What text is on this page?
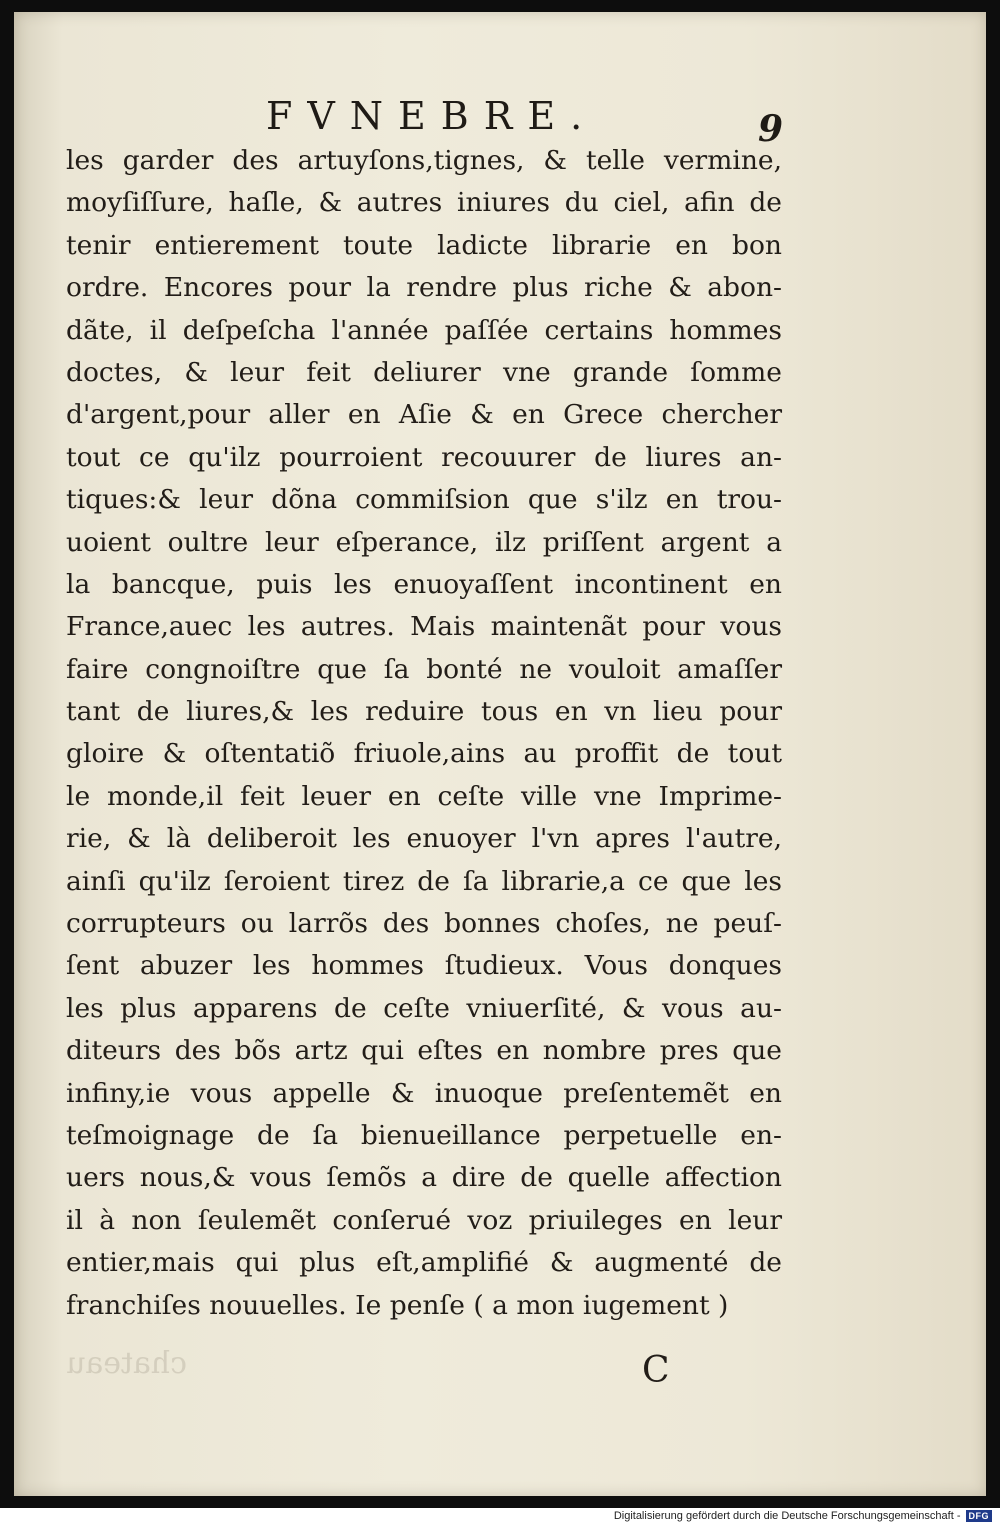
FVNEBRE.	9
les garder des artuyſons,tignes, & telle vermine,
moyſiſſure, haſle, & autres iniures du ciel, afin de
tenir entierement toute ladicte librarie en bon
ordre. Encores pour la rendre plus riche & abon-
dãte, il deſpeſcha l'année paſſée certains hommes
doctes, & leur feit deliurer vne grande ſomme
d'argent,pour aller en Aſie & en Grece chercher
tout ce qu'ilz pourroient recouurer de liures an-
tiques:& leur dõna commiſsion que s'ilz en trou-
uoient oultre leur eſperance, ilz priſſent argent a
la bancque, puis les enuoyaſſent incontinent en
France,auec les autres. Mais maintenãt pour vous
faire congnoiſtre que ſa bonté ne vouloit amaſſer
tant de liures,& les reduire tous en vn lieu pour
gloire & oſtentatiõ friuole,ains au proffit de tout
le monde,il feit leuer en ceſte ville vne Imprime-
rie, & là deliberoit les enuoyer l'vn apres l'autre,
ainſi qu'ilz ſeroient tirez de ſa librarie,a ce que les
corrupteurs ou larrõs des bonnes choſes, ne peuſ-
ſent abuzer les hommes ſtudieux. Vous donques
les plus apparens de ceſte vniuerſité, & vous au-
diteurs des bõs artz qui eſtes en nombre pres que
infiny,ie vous appelle & inuoque preſentemẽt en
teſmoignage de ſa bienueillance perpetuelle en-
uers nous,& vous ſemõs a dire de quelle affection
il à non ſeulemẽt conſerué voz priuileges en leur
entier,mais qui plus eſt,amplifié & augmenté de
franchiſes nouuelles. Ie penſe ( a mon iugement )
chateau	C
Digitalisierung gefördert durch die Deutsche Forschungsgemeinschaft - DFG
